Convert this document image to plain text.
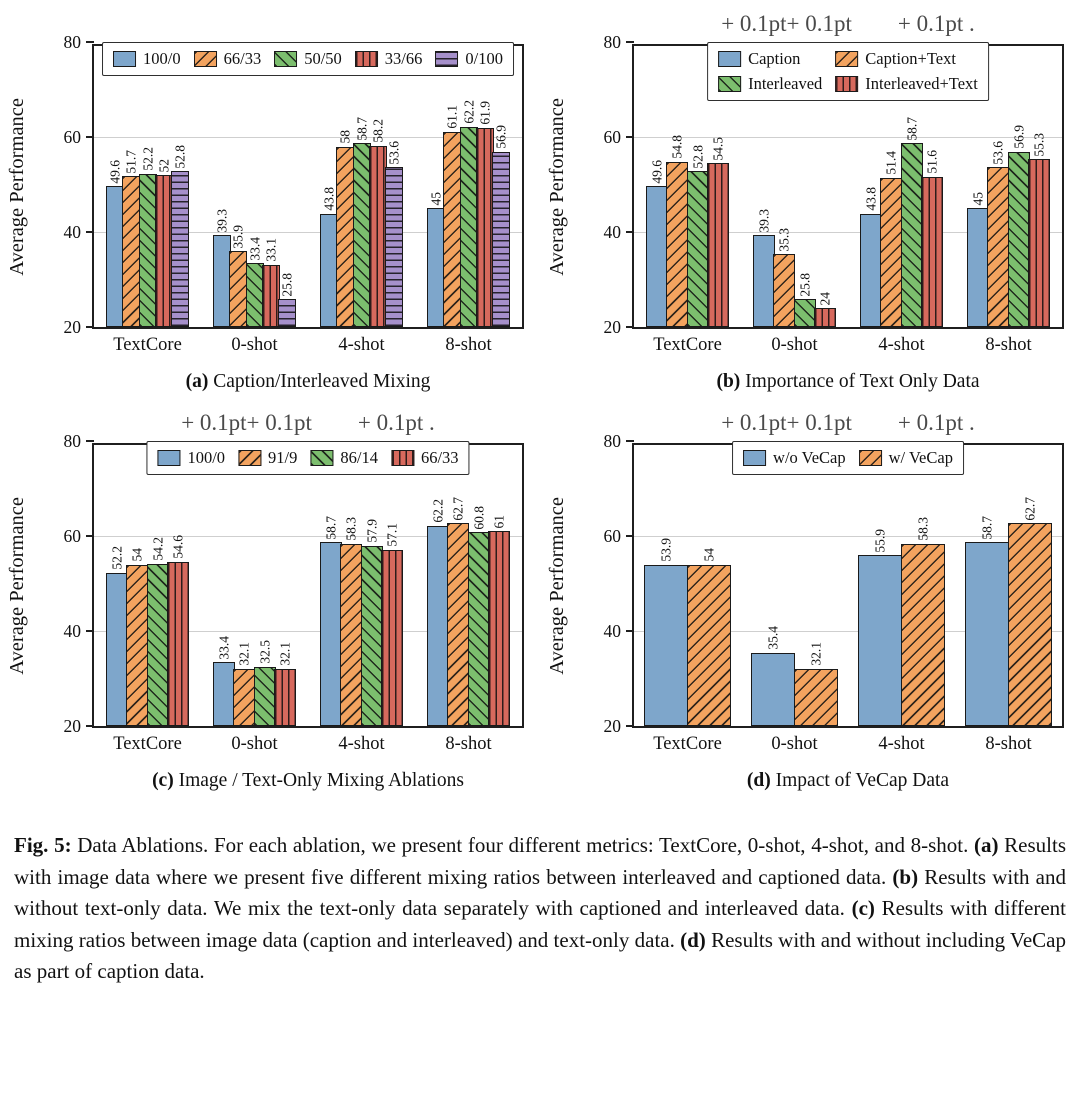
Average Performance
20
40
60
80
49.6 51.7 52.2 52 52.8
TextCore
39.3
35.9
33.4 33.1
25.8
0-shot
43.8
58 58.7 58.2
53.6
4-shot
45
61.1 62.2 61.9
56.9
8-shot
100/0	66/33	50/50	33/66	0/100
(a) Caption/Interleaved Mixing
+ 0.1pt+ 0.1pt + 0.1pt .
Average Performance
20
40
60
80
49.6
54.8 52.8 54.5
TextCore
39.3
35.3
25.8
24
0-shot
43.8
51.4
58.7
51.6
4-shot
45
53.6
56.9 55.3
8-shot
Caption	Caption+Text
Interleaved	Interleaved+Text
(b) Importance of Text Only Data
+ 0.1pt+ 0.1pt + 0.1pt .
Average Performance
20
40
60
80
52.2 54 54.2 54.6
TextCore
33.4 32.1 32.5 32.1
0-shot
58.7 58.3 57.9 57.1
4-shot
62.2 62.7 60.8 61
8-shot
100/0	91/9	86/14	66/33
(c) Image / Text-Only Mixing Ablations
+ 0.1pt+ 0.1pt + 0.1pt .
Average Performance
20
40
60
80
53.9 54
TextCore
35.4
32.1
0-shot
55.9 58.3
4-shot
58.7
62.7
8-shot
w/o VeCap	w/ VeCap
(d) Impact of VeCap Data

Fig. 5: Data Ablations. For each ablation, we present four different metrics: TextCore, 0-shot, 4-shot, and 8-shot. (a) Results with image data where we present five different mixing ratios between interleaved and captioned data. (b) Results with and without text-only data. We mix the text-only data separately with captioned and interleaved data. (c) Results with different mixing ratios between image data (caption and interleaved) and text-only data. (d) Results with and without including VeCap as part of caption data.
